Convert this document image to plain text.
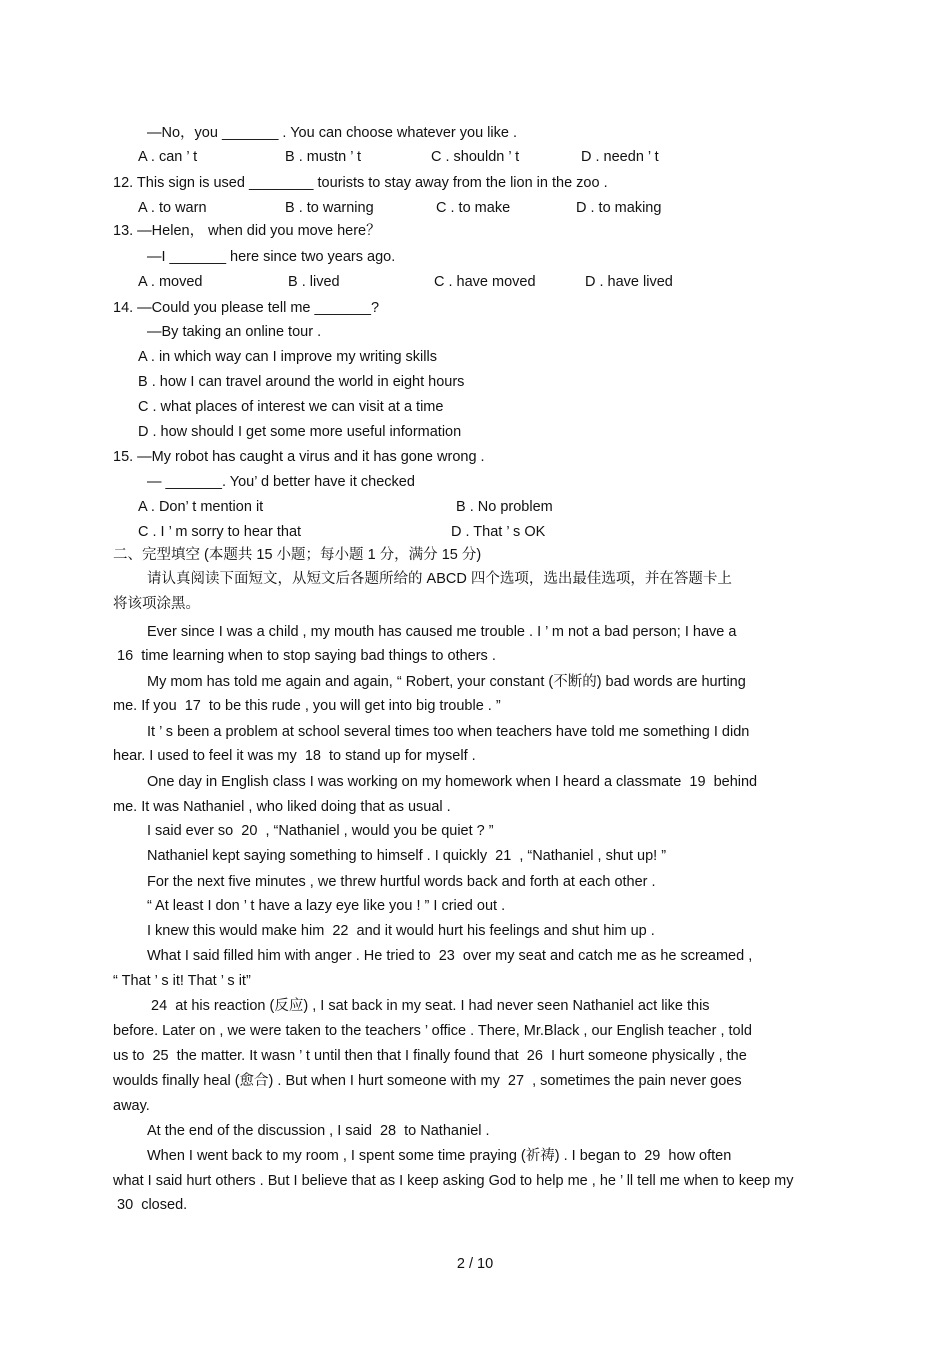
—No，you _______ . You can choose whatever you like .
A . can ’ t	B . mustn ’ t	C . shouldn ’ t	D . needn ’ t
12. This sign is used ________ tourists to stay away from the lion in the zoo .
A . to warn	B . to warning	C . to make	D . to making
13. —Helen， when did you move here？
—I _______ here since two years ago.
A . moved	B . lived	C . have moved	D . have lived
14. —Could you please tell me _______?
—By taking an online tour .
A . in which way can I improve my writing skills
B . how I can travel around the world in eight hours
C . what places of interest we can visit at a time
D . how should I get some more useful information
15. —My robot has caught a virus and it has gone wrong .
— _______. You’ d better have it checked
A . Don’ t mention it	B . No problem
C . I ’ m sorry to hear that	D . That ’ s OK
二、完型填空 (本题共 15 小题；每小题 1 分，满分 15 分)
请认真阅读下面短文，从短文后各题所给的 ABCD 四个选项，选出最佳选项，并在答题卡上
将该项涂黑。
Ever since I was a child , my mouth has caused me trouble . I ’ m not a bad person; I have a
16  time learning when to stop saying bad things to others .
My mom has told me again and again, “ Robert, your constant (不断的) bad words are hurting
me. If you  17  to be this rude , you will get into big trouble . ”
It ’ s been a problem at school several times too when teachers have told me something I didn
hear. I used to feel it was my  18  to stand up for myself .
One day in English class I was working on my homework when I heard a classmate  19  behind
me. It was Nathaniel , who liked doing that as usual .
I said ever so  20  , “Nathaniel , would you be quiet ? ”
Nathaniel kept saying something to himself . I quickly  21  , “Nathaniel , shut up! ”
For the next five minutes , we threw hurtful words back and forth at each other .
“ At least I don ’ t have a lazy eye like you ! ” I cried out .
I knew this would make him  22  and it would hurt his feelings and shut him up .
What I said filled him with anger . He tried to  23  over my seat and catch me as he screamed ,
“ That ’ s it! That ’ s it”
24  at his reaction (反应) , I sat back in my seat. I had never seen Nathaniel act like this
before. Later on , we were taken to the teachers ’ office . There, Mr.Black , our English teacher , told
us to  25  the matter. It wasn ’ t until then that I finally found that  26  I hurt someone physically , the
woulds finally heal (愈合) . But when I hurt someone with my  27  , sometimes the pain never goes
away.
At the end of the discussion , I said  28  to Nathaniel .
When I went back to my room , I spent some time praying (祈祷) . I began to  29  how often
what I said hurt others . But I believe that as I keep asking God to help me , he ’ ll tell me when to keep my
30  closed.
2 / 10
